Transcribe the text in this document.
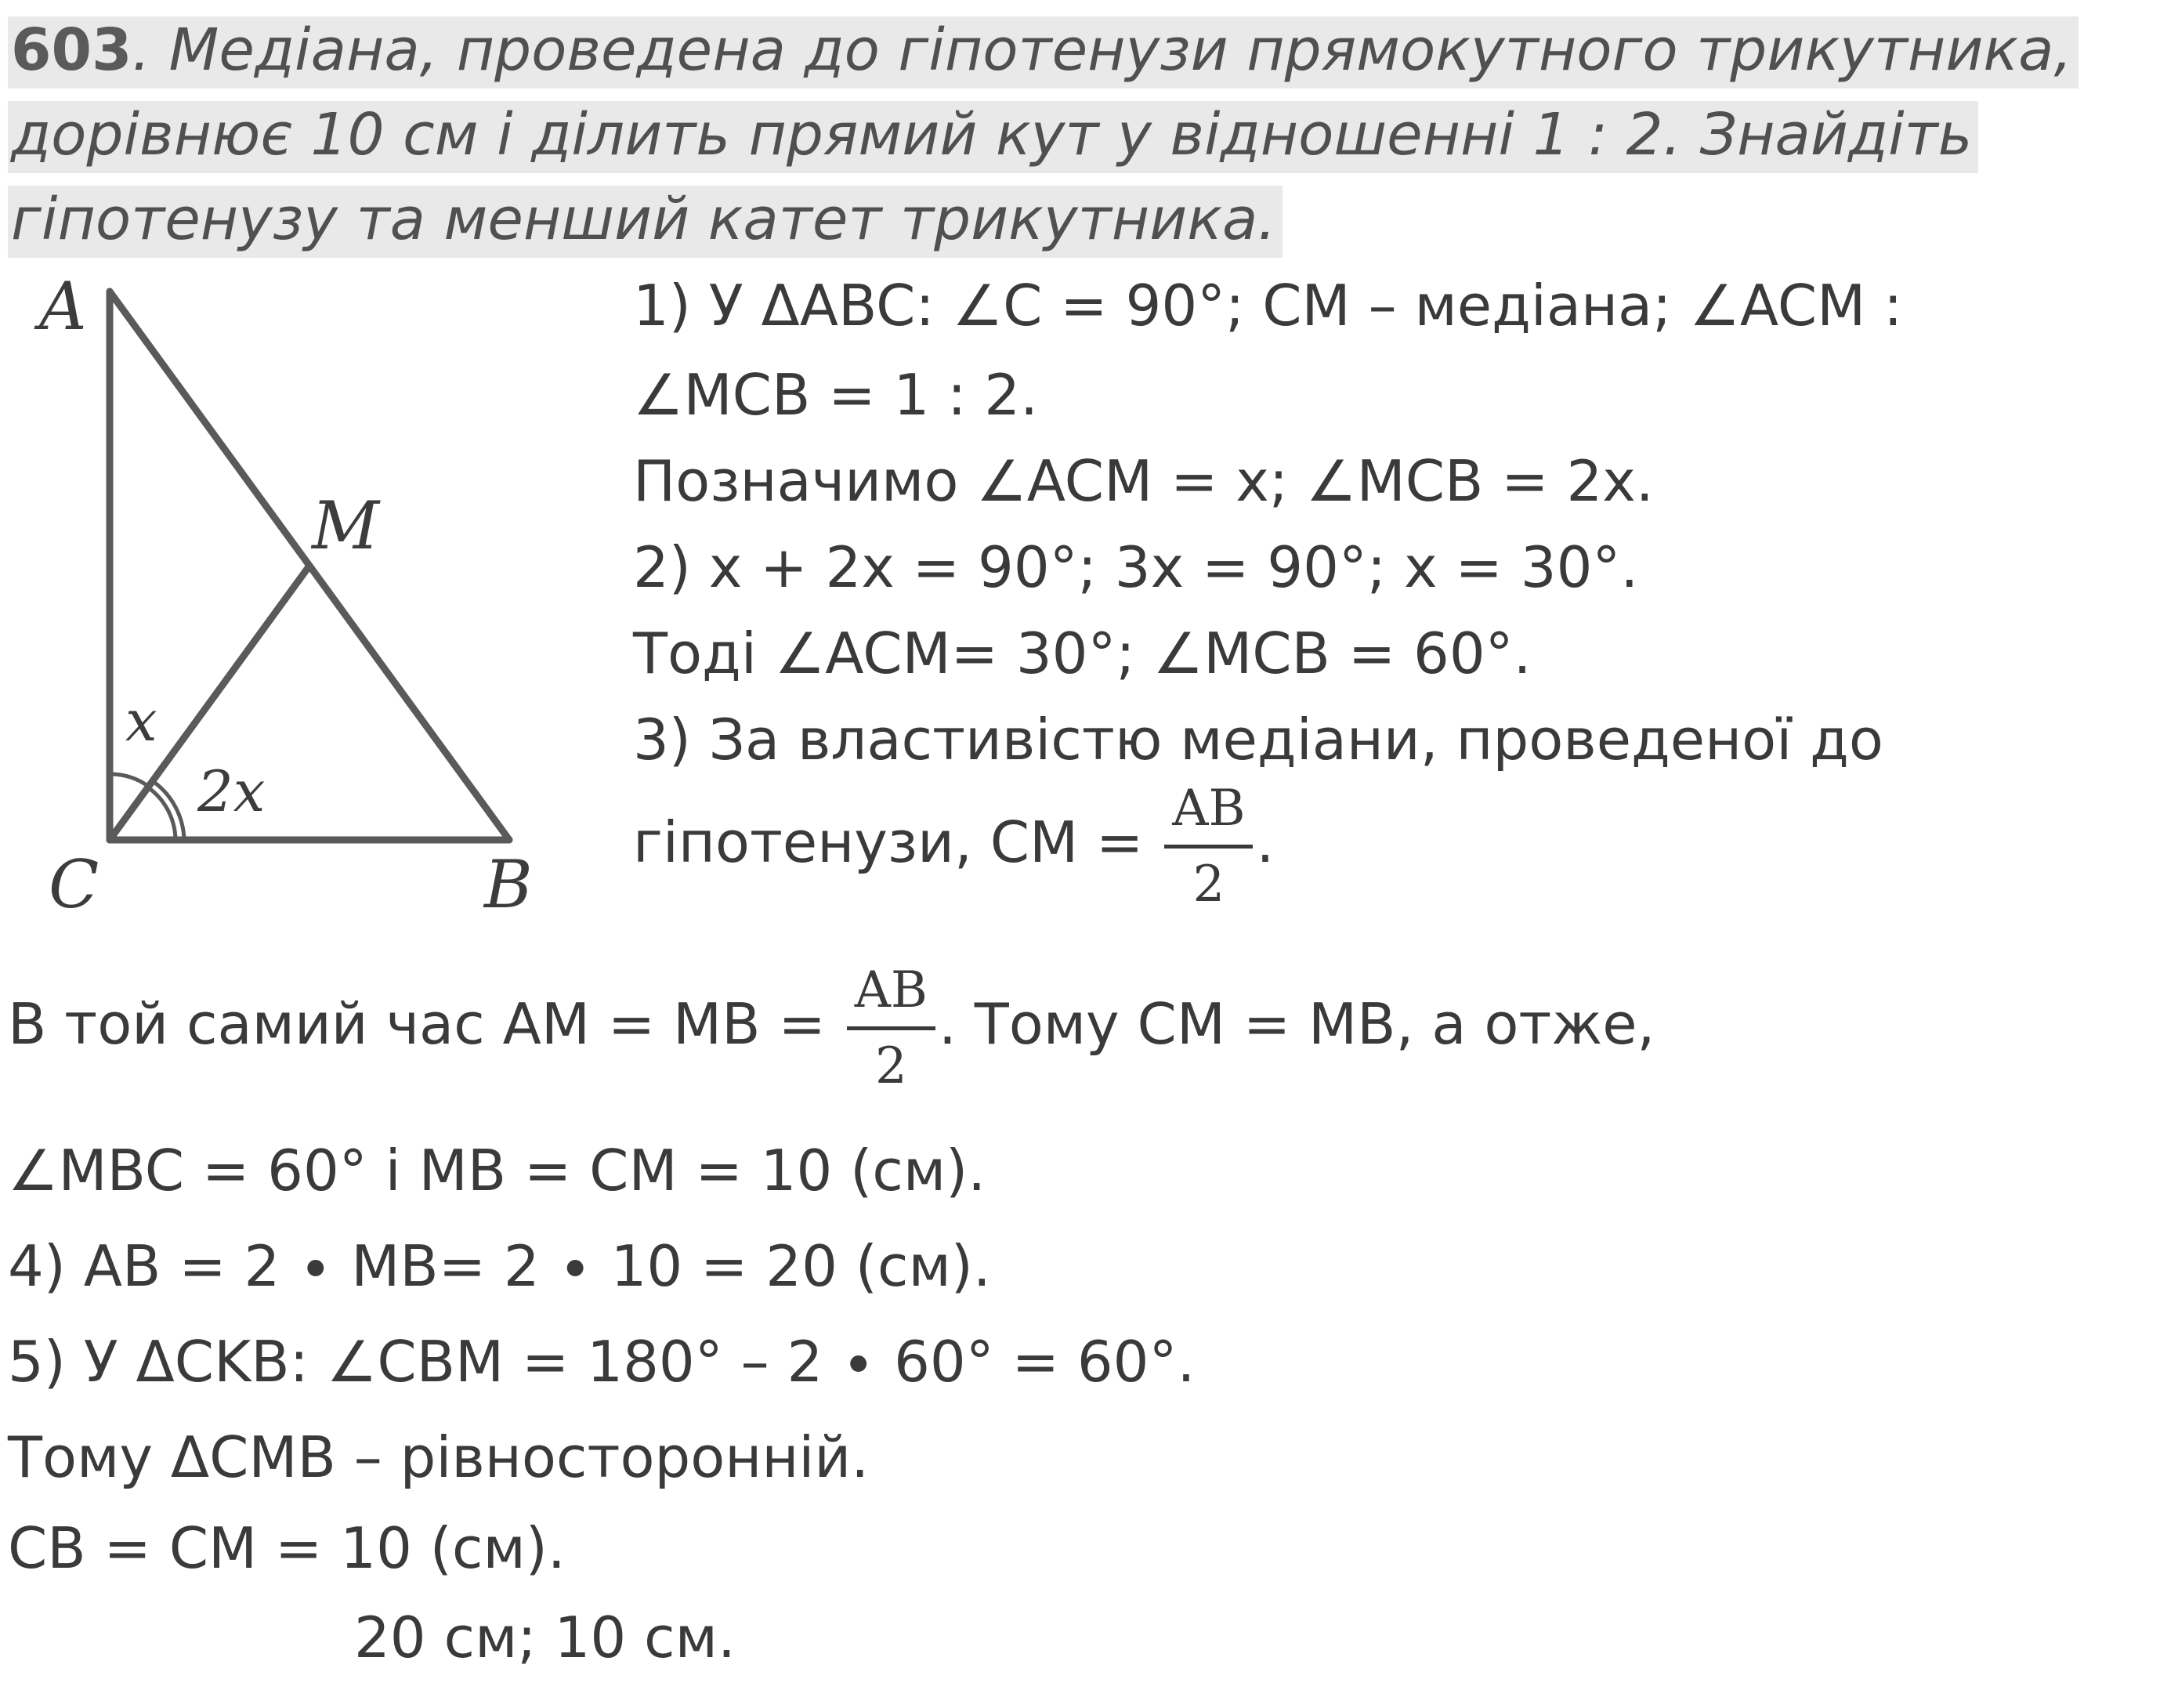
603. Медіана, проведена до гіпотенузи прямокутного трикутника,
дорівнює 10 см і ділить прямий кут у відношенні 1 : 2. Знайдіть
гіпотенузу та менший катет трикутника.
A
M
C	B
x
2x
1) У ΔABC: ∠C = 90°; CM – медіана; ∠ACM :
∠MCB = 1 : 2.
Позначимо ∠ACM = x; ∠MCB = 2x.
2) x + 2x = 90°; 3x = 90°; x = 30°.
Тоді ∠ACM= 30°; ∠MCB = 60°.
3) За властивістю медіани, проведеної до
гіпотенузи, CM = $\frac{AB}{2}$ .
В той самий час AM = MB = $\frac{AB}{2}$ . Тому CM = MB, а отже,
∠MBC = 60° і MB = CM = 10 (см).
4) AB = 2 ∙ MB= 2 ∙ 10 = 20 (см).
5) У ΔCKB: ∠CBM = 180° – 2 ∙ 60° = 60°.
Тому ΔCMB – рівносторонній.
CB = CM = 10 (см).
20 см; 10 см.
